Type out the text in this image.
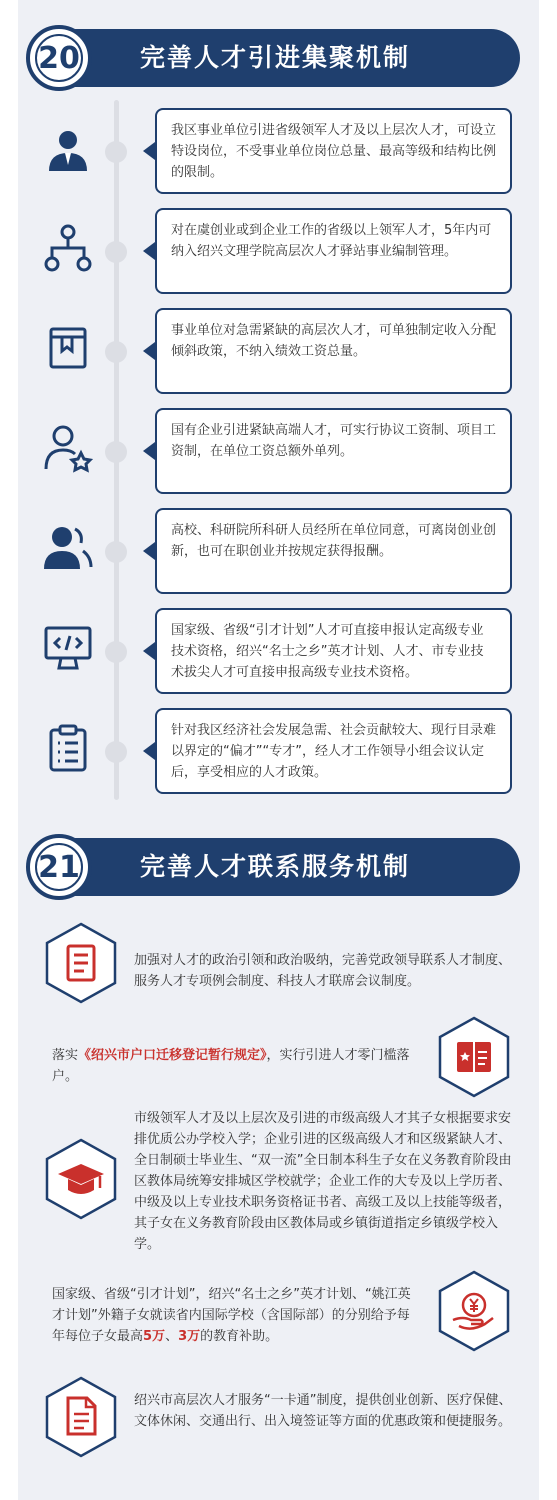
20 完善人才引进集聚机制
我区事业单位引进省级领军人才及以上层次人才，可设立特设岗位，不受事业单位岗位总量、最高等级和结构比例的限制。
对在虞创业或到企业工作的省级以上领军人才，5年内可纳入绍兴文理学院高层次人才驿站事业编制管理。
事业单位对急需紧缺的高层次人才，可单独制定收入分配倾斜政策，不纳入绩效工资总量。
国有企业引进紧缺高端人才，可实行协议工资制、项目工资制，在单位工资总额外单列。
高校、科研院所科研人员经所在单位同意，可离岗创业创新，也可在职创业并按规定获得报酬。
国家级、省级“引才计划”人才可直接申报认定高级专业技术资格，绍兴“名士之乡”英才计划、人才、市专业技术拔尖人才可直接申报高级专业技术资格。
针对我区经济社会发展急需、社会贡献较大、现行目录难以界定的“偏才”“专才”，经人才工作领导小组会议认定后，享受相应的人才政策。
21 完善人才联系服务机制
加强对人才的政治引领和政治吸纳，完善党政领导联系人才制度、服务人才专项例会制度、科技人才联席会议制度。
落实《绍兴市户口迁移登记暂行规定》，实行引进人才零门槛落户。
市级领军人才及以上层次及引进的市级高级人才其子女根据要求安排优质公办学校入学；企业引进的区级高级人才和区级紧缺人才、全日制硕士毕业生、“双一流”全日制本科生子女在义务教育阶段由区教体局统筹安排城区学校就学；企业工作的大专及以上学历者、中级及以上专业技术职务资格证书者、高级工及以上技能等级者，其子女在义务教育阶段由区教体局或乡镇街道指定乡镇级学校入学。
国家级、省级“引才计划”，绍兴“名士之乡”英才计划、“姚江英才计划”外籍子女就读省内国际学校（含国际部）的分别给予每年每位子女最高5万、3万的教育补助。
绍兴市高层次人才服务“一卡通”制度，提供创业创新、医疗保健、文体休闲、交通出行、出入境签证等方面的优惠政策和便捷服务。
